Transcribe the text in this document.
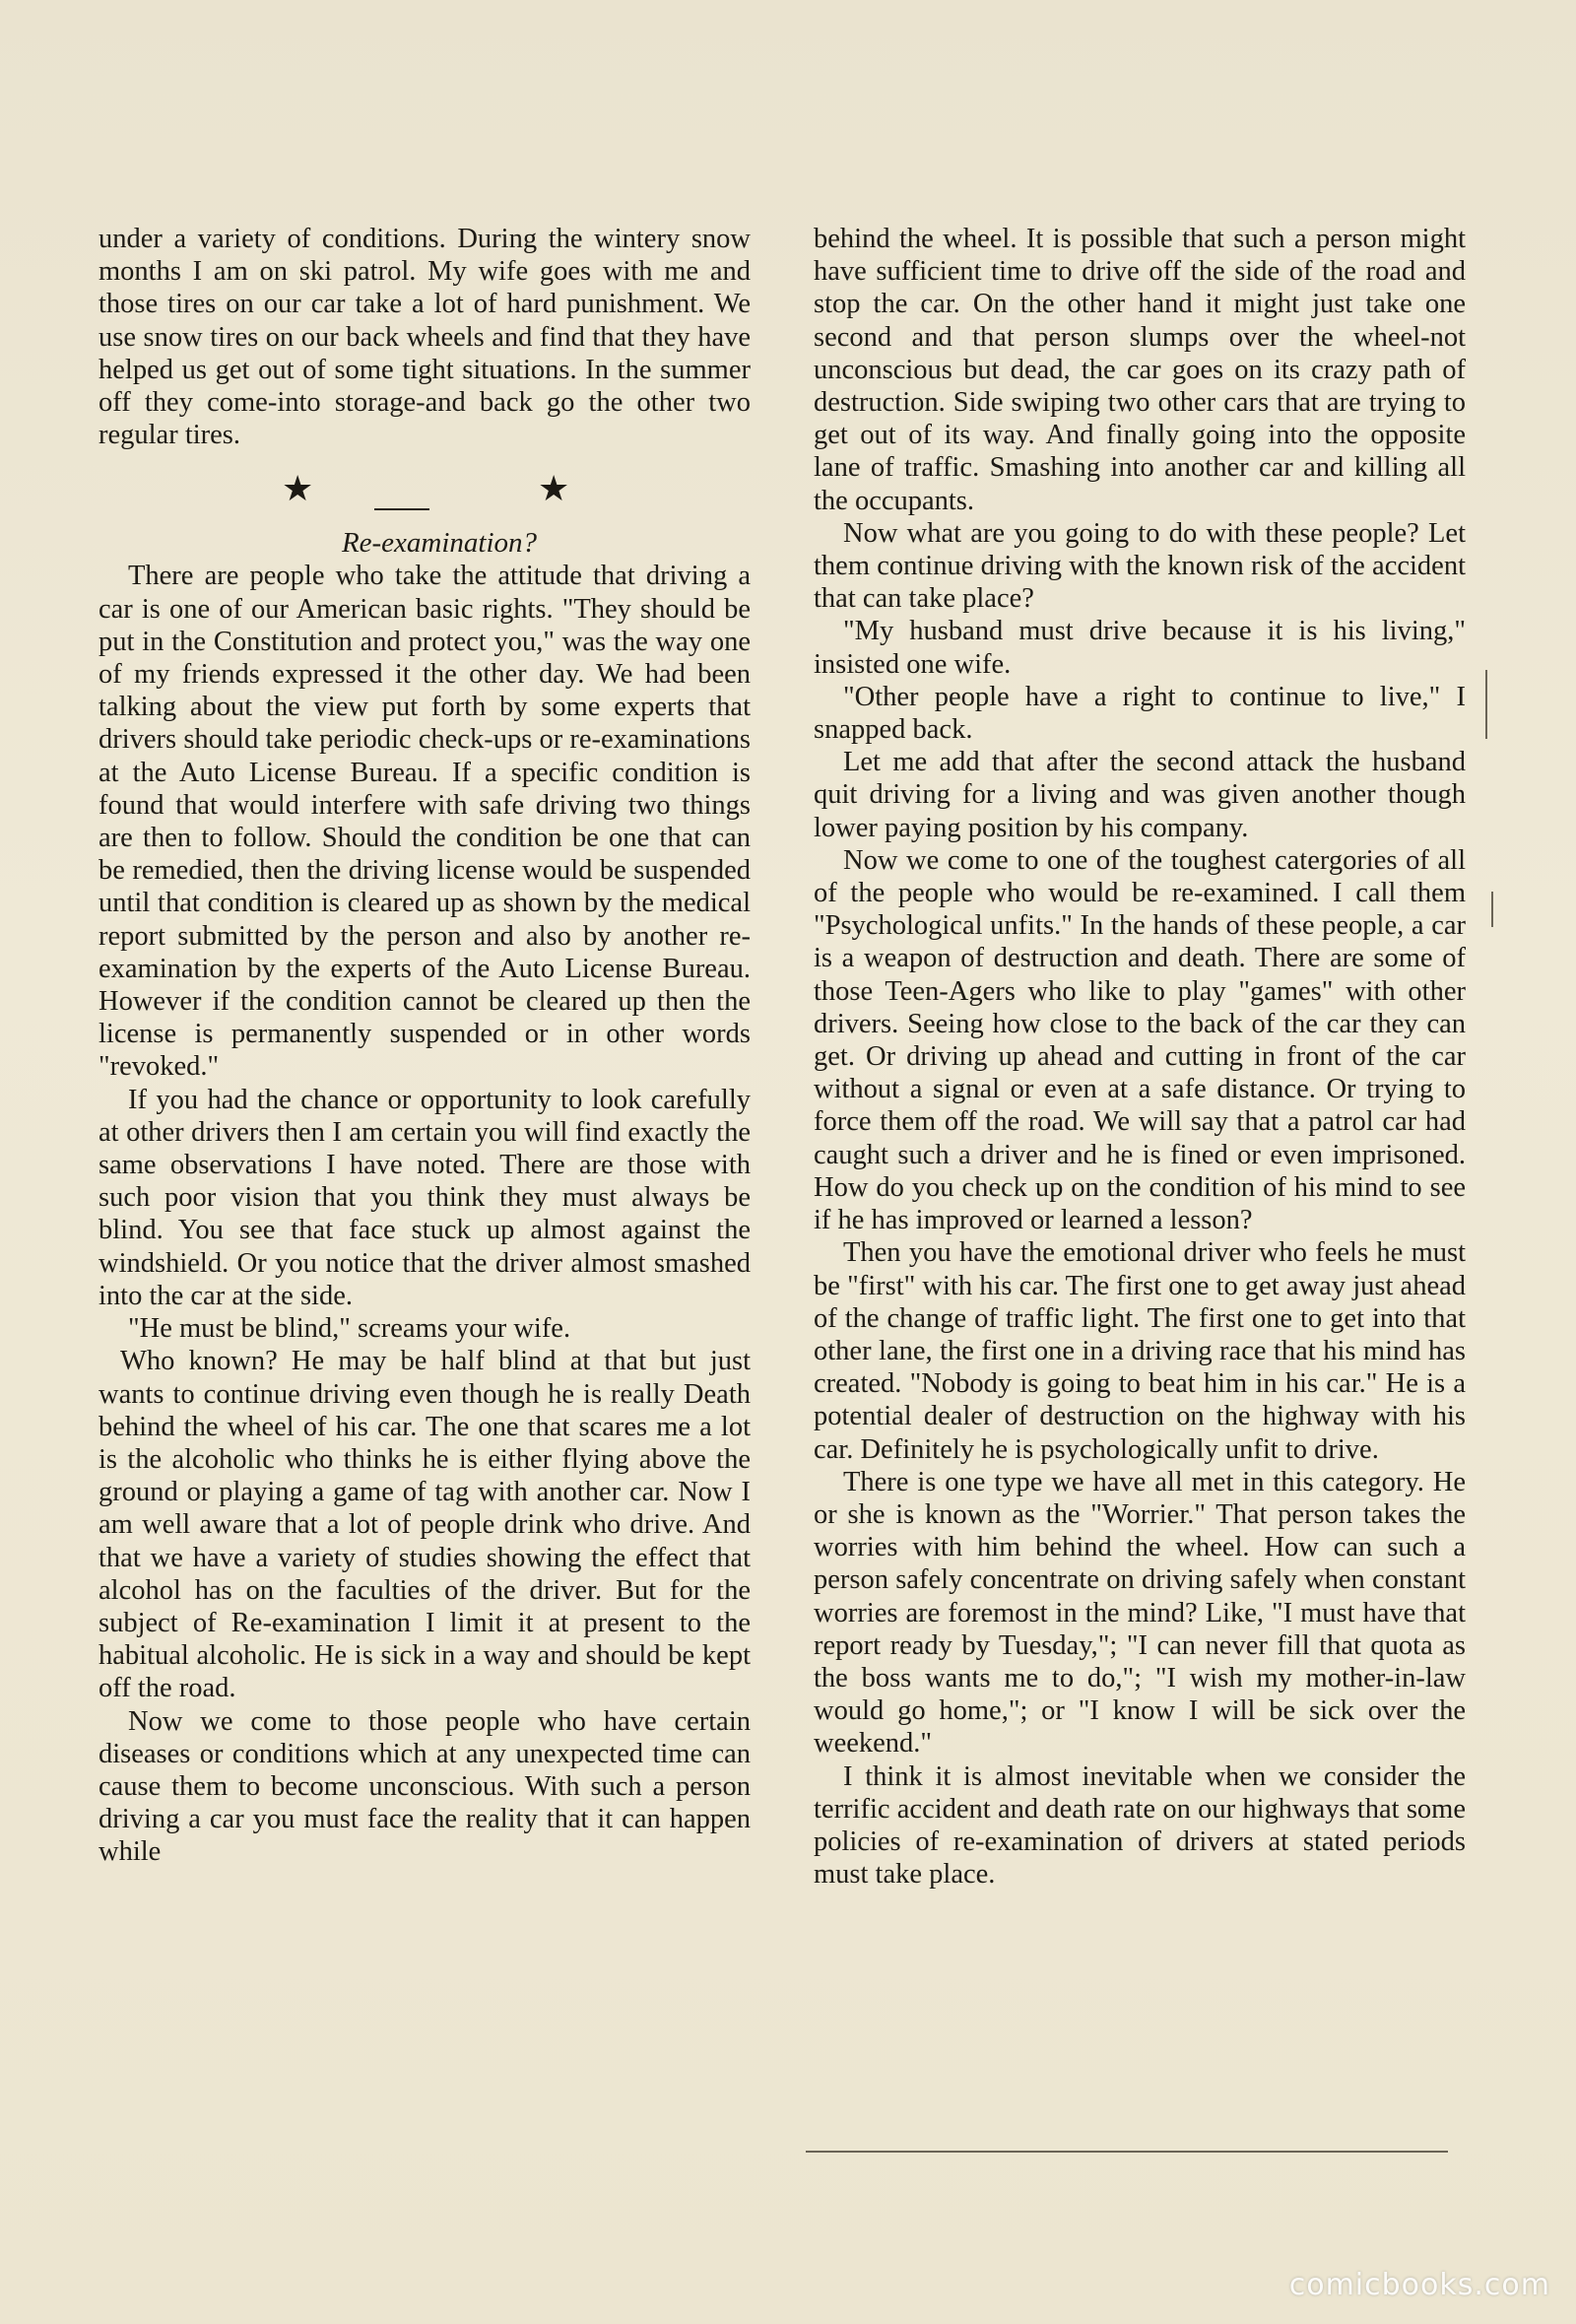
under a variety of conditions. During the wintery snow months I am on ski patrol. My wife goes with me and those tires on our car take a lot of hard punishment. We use snow tires on our back wheels and find that they have helped us get out of some tight situations. In the summer off they come-into storage-and back go the other two regular tires.

★	★

Re-examination?

There are people who take the attitude that driving a car is one of our American basic rights. "They should be put in the Constitution and protect you," was the way one of my friends expressed it the other day. We had been talking about the view put forth by some experts that drivers should take periodic check-ups or re-examinations at the Auto License Bureau. If a specific condition is found that would interfere with safe driving two things are then to follow. Should the condition be one that can be remedied, then the driving license would be suspended until that condition is cleared up as shown by the medical report submitted by the person and also by another re-examination by the experts of the Auto License Bureau. However if the condition cannot be cleared up then the license is permanently suspended or in other words "revoked."

If you had the chance or opportunity to look carefully at other drivers then I am certain you will find exactly the same observations I have noted. There are those with such poor vision that you think they must always be blind. You see that face stuck up almost against the windshield. Or you notice that the driver almost smashed into the car at the side.

"He must be blind," screams your wife.

Who known? He may be half blind at that but just wants to continue driving even though he is really Death behind the wheel of his car. The one that scares me a lot is the alcoholic who thinks he is either flying above the ground or playing a game of tag with another car. Now I am well aware that a lot of people drink who drive. And that we have a variety of studies showing the effect that alcohol has on the faculties of the driver. But for the subject of Re-examination I limit it at present to the habitual alcoholic. He is sick in a way and should be kept off the road.

Now we come to those people who have certain diseases or conditions which at any unexpected time can cause them to become unconscious. With such a person driving a car you must face the reality that it can happen while

behind the wheel. It is possible that such a person might have sufficient time to drive off the side of the road and stop the car. On the other hand it might just take one second and that person slumps over the wheel-not unconscious but dead, the car goes on its crazy path of destruction. Side swiping two other cars that are trying to get out of its way. And finally going into the opposite lane of traffic. Smashing into another car and killing all the occupants.

Now what are you going to do with these people? Let them continue driving with the known risk of the accident that can take place?

"My husband must drive because it is his living," insisted one wife.

"Other people have a right to continue to live," I snapped back.

Let me add that after the second attack the husband quit driving for a living and was given another though lower paying position by his company.

Now we come to one of the toughest catergories of all of the people who would be re-examined. I call them "Psychological unfits." In the hands of these people, a car is a weapon of destruction and death. There are some of those Teen-Agers who like to play "games" with other drivers. Seeing how close to the back of the car they can get. Or driving up ahead and cutting in front of the car without a signal or even at a safe distance. Or trying to force them off the road. We will say that a patrol car had caught such a driver and he is fined or even imprisoned. How do you check up on the condition of his mind to see if he has improved or learned a lesson?

Then you have the emotional driver who feels he must be "first" with his car. The first one to get away just ahead of the change of traffic light. The first one to get into that other lane, the first one in a driving race that his mind has created. "Nobody is going to beat him in his car." He is a potential dealer of destruction on the highway with his car. Definitely he is psychologically unfit to drive.

There is one type we have all met in this category. He or she is known as the "Worrier." That person takes the worries with him behind the wheel. How can such a person safely concentrate on driving safely when constant worries are foremost in the mind? Like, "I must have that report ready by Tuesday,"; "I can never fill that quota as the boss wants me to do,"; "I wish my mother-in-law would go home,"; or "I know I will be sick over the weekend."

I think it is almost inevitable when we consider the terrific accident and death rate on our highways that some policies of re-examination of drivers at stated periods must take place.

comicbooks.com
